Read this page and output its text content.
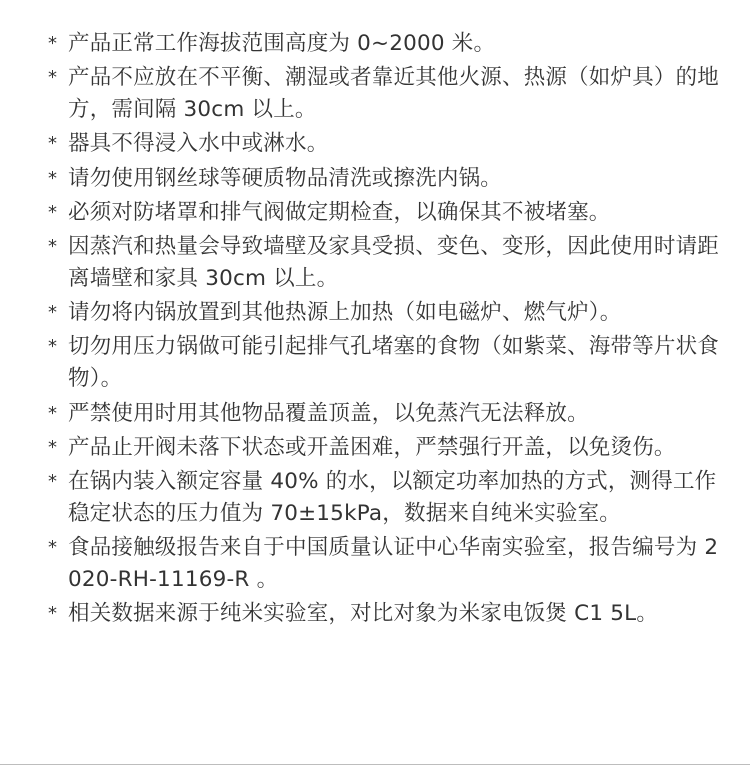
* 产品正常工作海拔范围高度为 0~2000 米。
* 产品不应放在不平衡、潮湿或者靠近其他火源、热源（如炉具）的地方，需间隔 30cm 以上。
* 器具不得浸入水中或淋水。
* 请勿使用钢丝球等硬质物品清洗或擦洗内锅。
* 必须对防堵罩和排气阀做定期检查，以确保其不被堵塞。
* 因蒸汽和热量会导致墙壁及家具受损、变色、变形，因此使用时请距离墙壁和家具 30cm 以上。
* 请勿将内锅放置到其他热源上加热（如电磁炉、燃气炉）。
* 切勿用压力锅做可能引起排气孔堵塞的食物（如紫菜、海带等片状食物）。
* 严禁使用时用其他物品覆盖顶盖，以免蒸汽无法释放。
* 产品止开阀未落下状态或开盖困难，严禁强行开盖，以免烫伤。
* 在锅内装入额定容量 40% 的水，以额定功率加热的方式，测得工作稳定状态的压力值为 70±15kPa，数据来自纯米实验室。
* 食品接触级报告来自于中国质量认证中心华南实验室，报告编号为 2020-RH-11169-R 。
* 相关数据来源于纯米实验室，对比对象为米家电饭煲 C1 5L。
